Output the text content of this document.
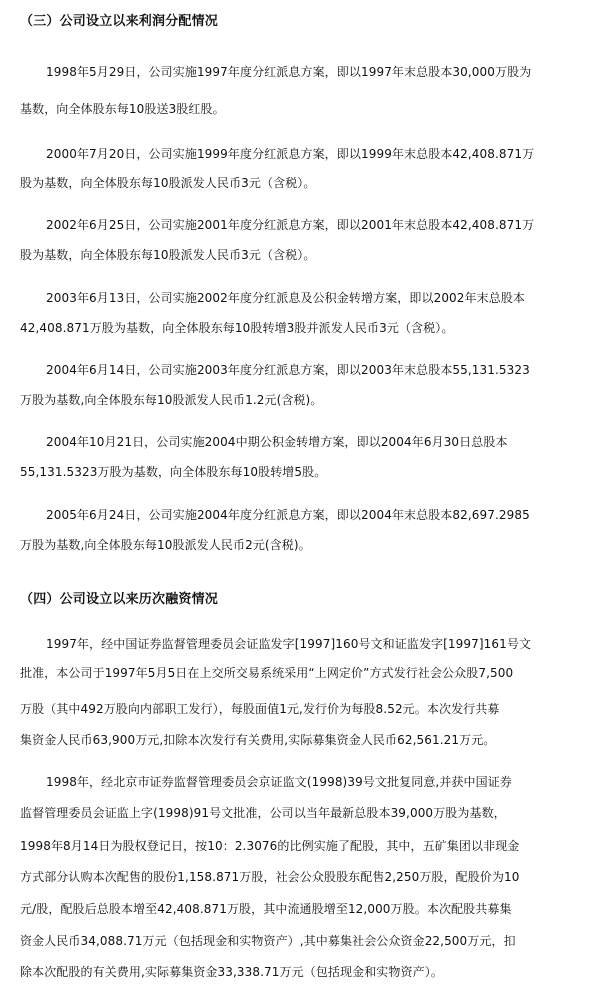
（三）公司设立以来利润分配情况
1998年5月29日，公司实施1997年度分红派息方案，即以1997年末总股本30,000万股为
基数，向全体股东每10股送3股红股。
2000年7月20日，公司实施1999年度分红派息方案，即以1999年末总股本42,408.871万
股为基数，向全体股东每10股派发人民币3元（含税）。
2002年6月25日，公司实施2001年度分红派息方案，即以2001年末总股本42,408.871万
股为基数，向全体股东每10股派发人民币3元（含税）。
2003年6月13日，公司实施2002年度分红派息及公积金转增方案，即以2002年末总股本
42,408.871万股为基数，向全体股东每10股转增3股并派发人民币3元（含税）。
2004年6月14日，公司实施2003年度分红派息方案，即以2003年末总股本55,131.5323
万股为基数,向全体股东每10股派发人民币1.2元(含税)。
2004年10月21日，公司实施2004中期公积金转增方案，即以2004年6月30日总股本
55,131.5323万股为基数，向全体股东每10股转增5股。
2005年6月24日，公司实施2004年度分红派息方案，即以2004年末总股本82,697.2985
万股为基数,向全体股东每10股派发人民币2元(含税)。
（四）公司设立以来历次融资情况
1997年，经中国证券监督管理委员会证监发字[1997]160号文和证监发字[1997]161号文
批准，本公司于1997年5月5日在上交所交易系统采用“上网定价”方式发行社会公众股7,500
万股（其中492万股向内部职工发行），每股面值1元,发行价为每股8.52元。本次发行共募
集资金人民币63,900万元,扣除本次发行有关费用,实际募集资金人民币62,561.21万元。
1998年，经北京市证券监督管理委员会京证监文(1998)39号文批复同意,并获中国证券
监督管理委员会证监上字(1998)91号文批准，公司以当年最新总股本39,000万股为基数，
1998年8月14日为股权登记日，按10：2.3076的比例实施了配股，其中，五矿集团以非现金
方式部分认购本次配售的股份1,158.871万股，社会公众股股东配售2,250万股，配股价为10
元/股，配股后总股本增至42,408.871万股，其中流通股增至12,000万股。本次配股共募集
资金人民币34,088.71万元（包括现金和实物资产）,其中募集社会公众资金22,500万元，扣
除本次配股的有关费用,实际募集资金33,338.71万元（包括现金和实物资产）。
